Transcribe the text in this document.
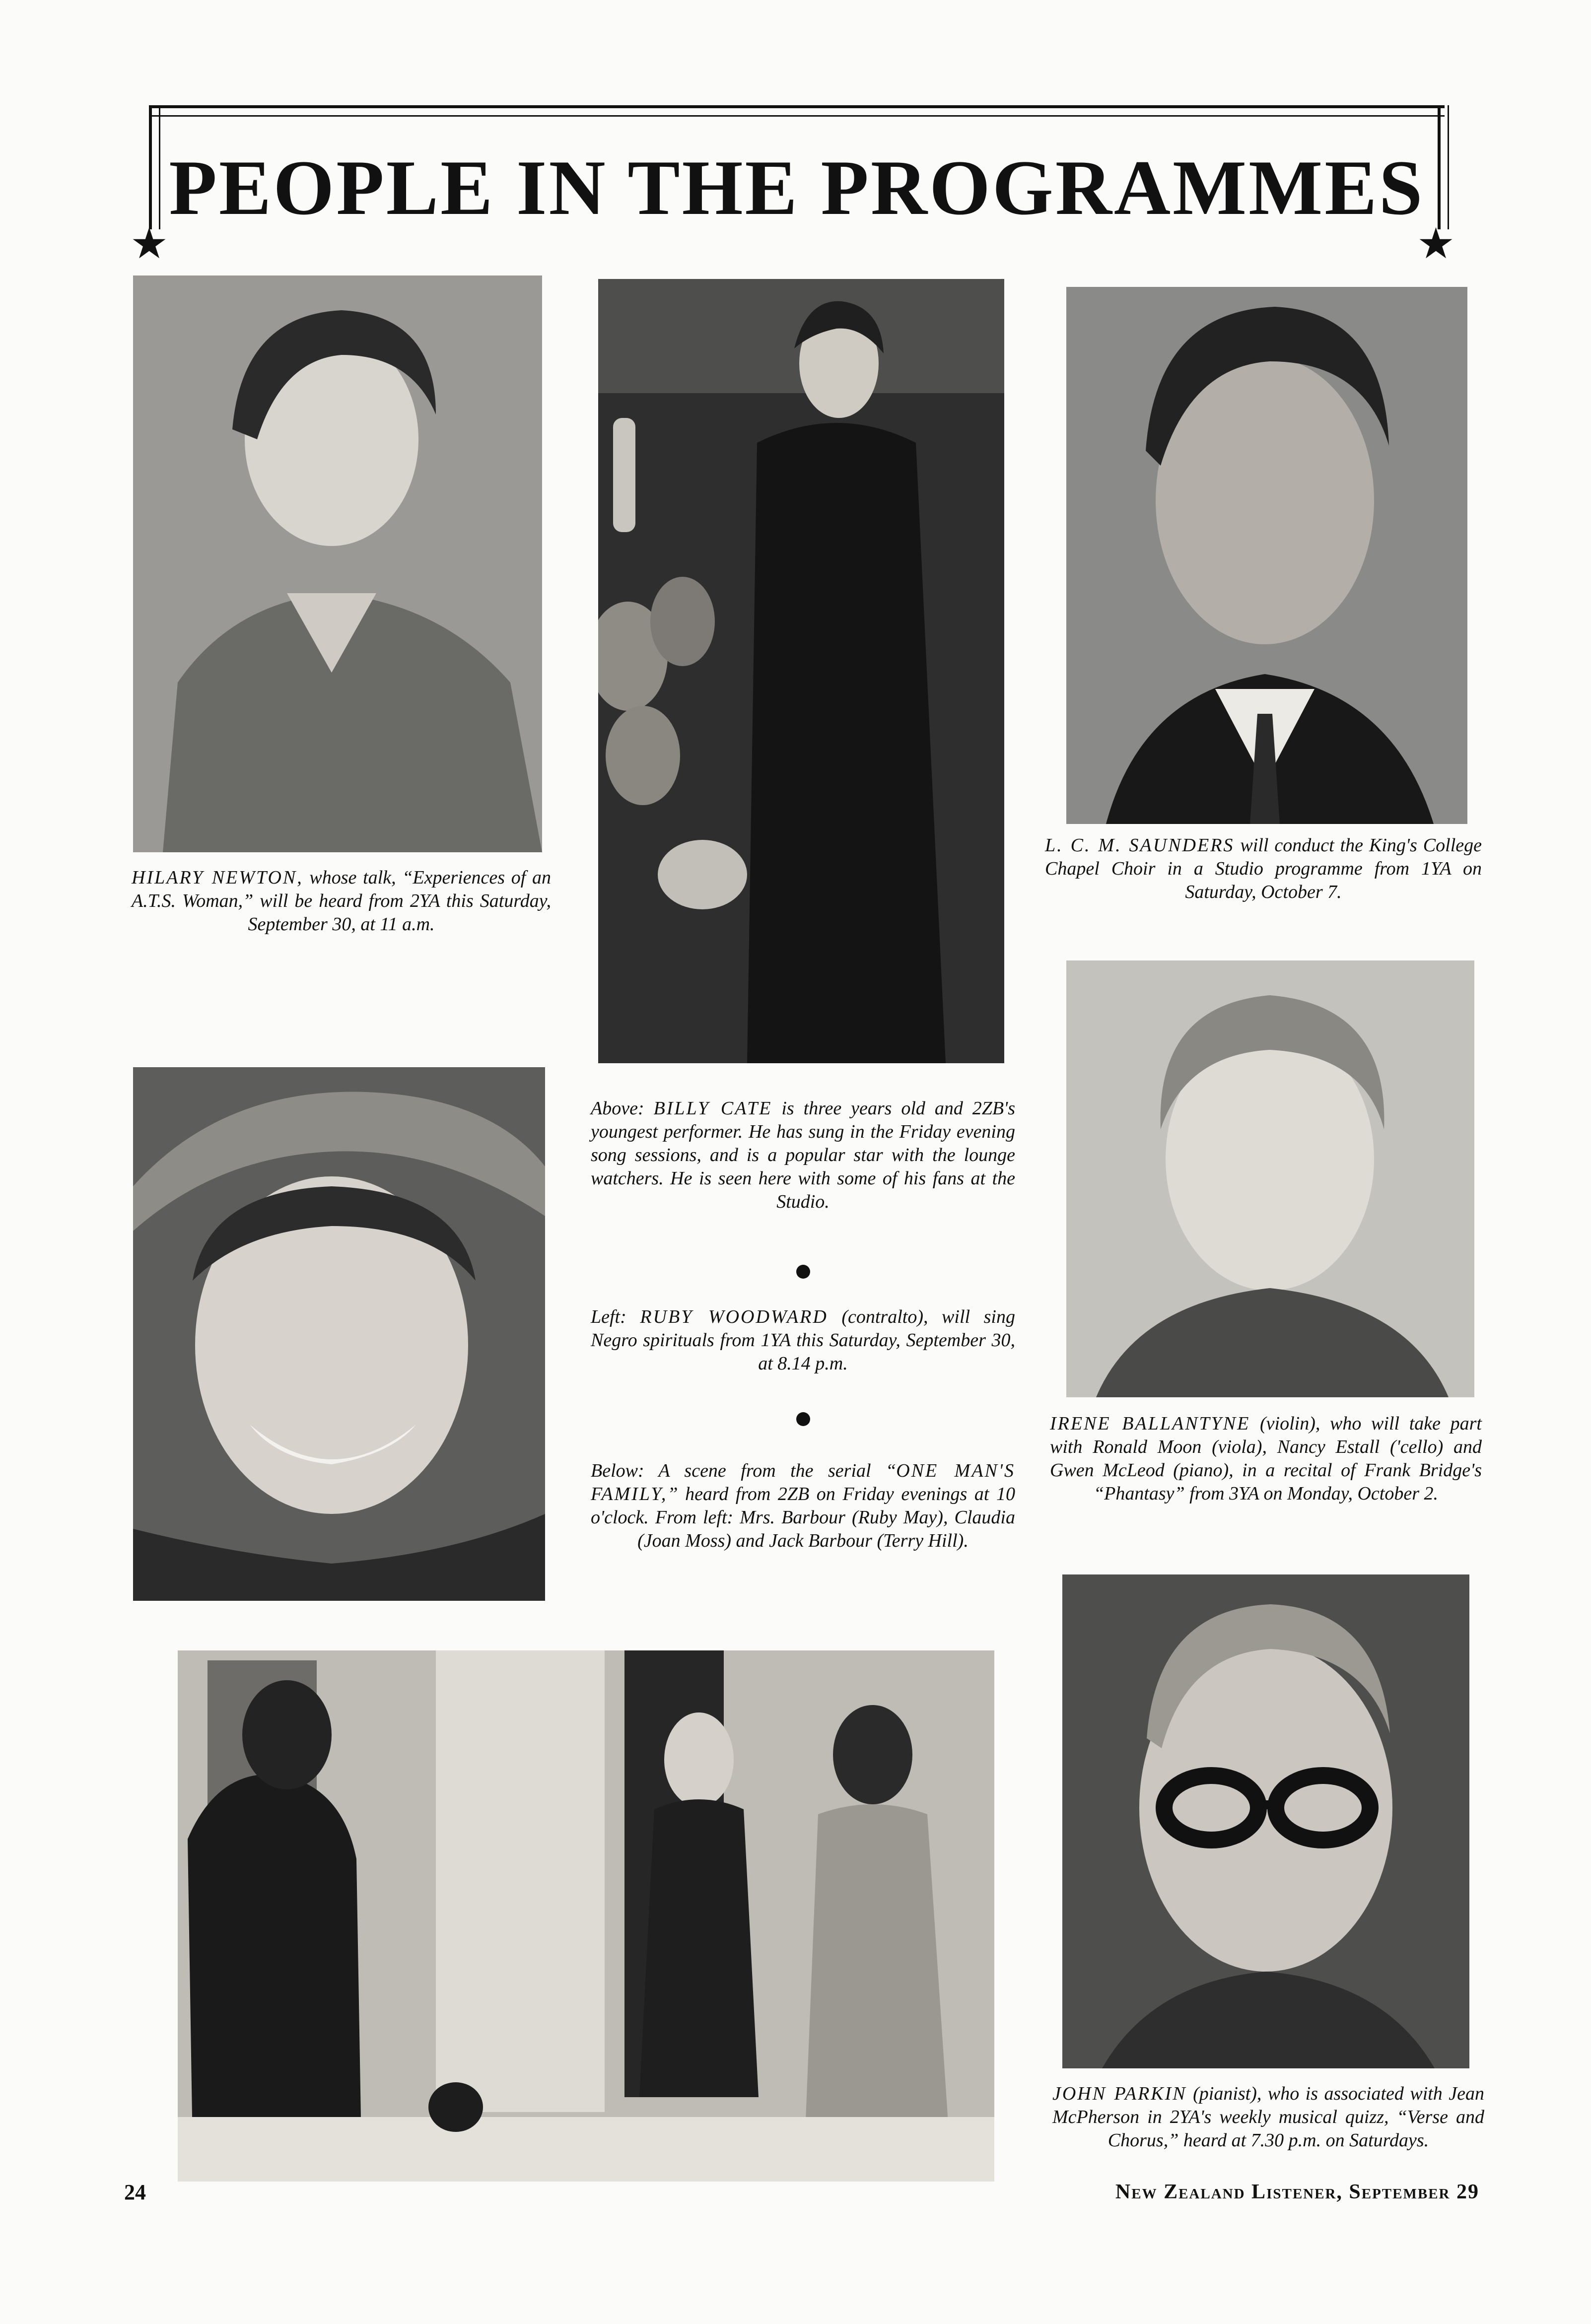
★	★
PEOPLE IN THE PROGRAMMES
HILARY NEWTON, whose talk, “Experiences of an A.T.S. Woman,” will be heard from 2YA this Saturday, September 30, at 11 a.m.
L. C. M. SAUNDERS will conduct the King's College Chapel Choir in a Studio programme from 1YA on Saturday, October 7.
Above: BILLY CATE is three years old and 2ZB's youngest performer. He has sung in the Friday evening song sessions, and is a popular star with the lounge watchers. He is seen here with some of his fans at the Studio.
Left: RUBY WOODWARD (contralto), will sing Negro spirituals from 1YA this Saturday, September 30, at 8.14 p.m.
Below: A scene from the serial “ONE MAN'S FAMILY,” heard from 2ZB on Friday evenings at 10 o'clock. From left: Mrs. Barbour (Ruby May), Claudia (Joan Moss) and Jack Barbour (Terry Hill).
IRENE BALLANTYNE (violin), who will take part with Ronald Moon (viola), Nancy Estall ('cello) and Gwen McLeod (piano), in a recital of Frank Bridge's “Phantasy” from 3YA on Monday, October 2.
JOHN PARKIN (pianist), who is associated with Jean McPherson in 2YA's weekly musical quizz, “Verse and Chorus,” heard at 7.30 p.m. on Saturdays.
24	New Zealand Listener, September 29
